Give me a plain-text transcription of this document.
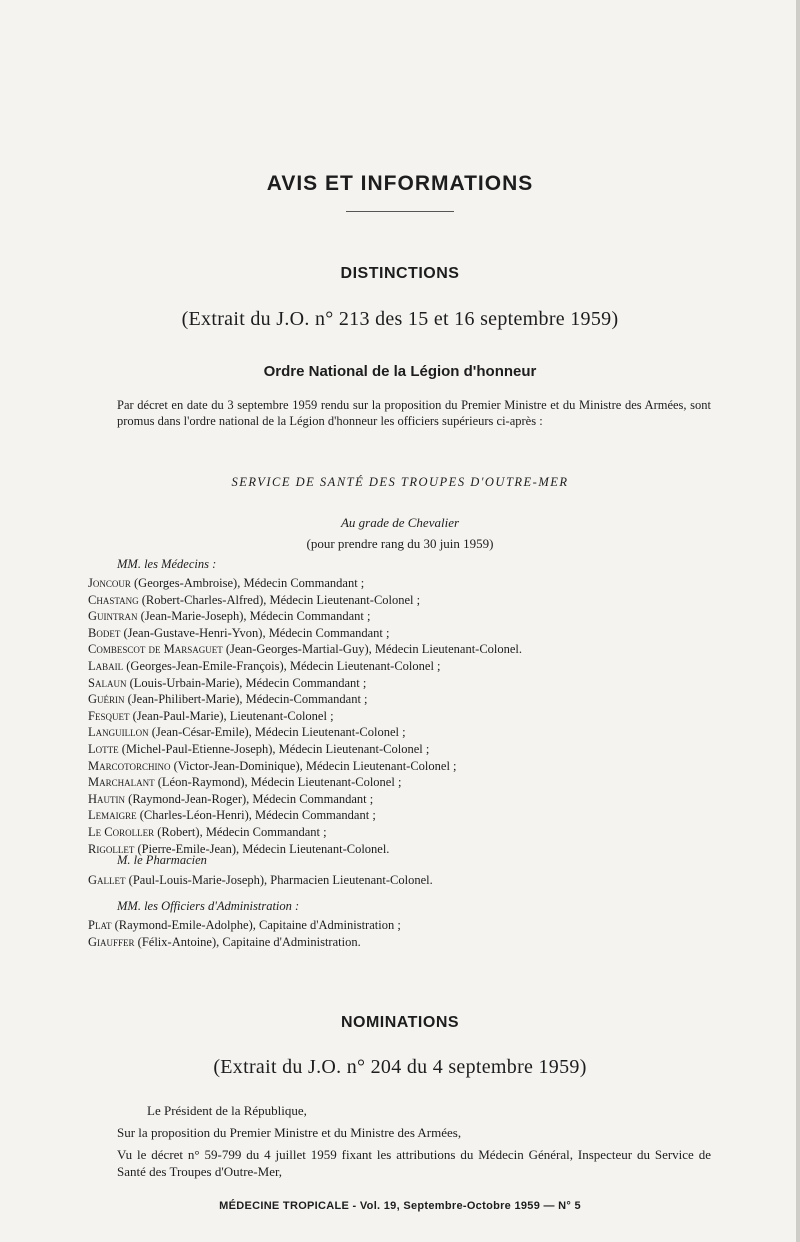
AVIS ET INFORMATIONS
DISTINCTIONS
(Extrait du J.O. n° 213 des 15 et 16 septembre 1959)
Ordre National de la Légion d'honneur

Par décret en date du 3 septembre 1959 rendu sur la proposition du Premier Ministre et du Ministre des Armées, sont promus dans l'ordre national de la Légion d'honneur les officiers supérieurs ci-après :

SERVICE DE SANTÉ DES TROUPES D'OUTRE-MER
Au grade de Chevalier
(pour prendre rang du 30 juin 1959)
MM. les Médecins :
Joncour (Georges-Ambroise), Médecin Commandant ;
Chastang (Robert-Charles-Alfred), Médecin Lieutenant-Colonel ;
Guintran (Jean-Marie-Joseph), Médecin Commandant ;
Bodet (Jean-Gustave-Henri-Yvon), Médecin Commandant ;
Combescot de Marsaguet (Jean-Georges-Martial-Guy), Médecin Lieutenant-Colonel.
Labail (Georges-Jean-Emile-François), Médecin Lieutenant-Colonel ;
Salaun (Louis-Urbain-Marie), Médecin Commandant ;
Guérin (Jean-Philibert-Marie), Médecin-Commandant ;
Fesquet (Jean-Paul-Marie), Lieutenant-Colonel ;
Languillon (Jean-César-Emile), Médecin Lieutenant-Colonel ;
Lotte (Michel-Paul-Etienne-Joseph), Médecin Lieutenant-Colonel ;
Marcotorchino (Victor-Jean-Dominique), Médecin Lieutenant-Colonel ;
Marchalant (Léon-Raymond), Médecin Lieutenant-Colonel ;
Hautin (Raymond-Jean-Roger), Médecin Commandant ;
Lemaigre (Charles-Léon-Henri), Médecin Commandant ;
Le Coroller (Robert), Médecin Commandant ;
Rigollet (Pierre-Emile-Jean), Médecin Lieutenant-Colonel.
M. le Pharmacien
Gallet (Paul-Louis-Marie-Joseph), Pharmacien Lieutenant-Colonel.
MM. les Officiers d'Administration :
Plat (Raymond-Emile-Adolphe), Capitaine d'Administration ;
Giauffer (Félix-Antoine), Capitaine d'Administration.
NOMINATIONS
(Extrait du J.O. n° 204 du 4 septembre 1959)
Le Président de la République,
Sur la proposition du Premier Ministre et du Ministre des Armées,

Vu le décret n° 59-799 du 4 juillet 1959 fixant les attributions du Médecin Général, Inspecteur du Service de Santé des Troupes d'Outre-Mer,

MÉDECINE TROPICALE - Vol. 19, Septembre-Octobre 1959 — N° 5
